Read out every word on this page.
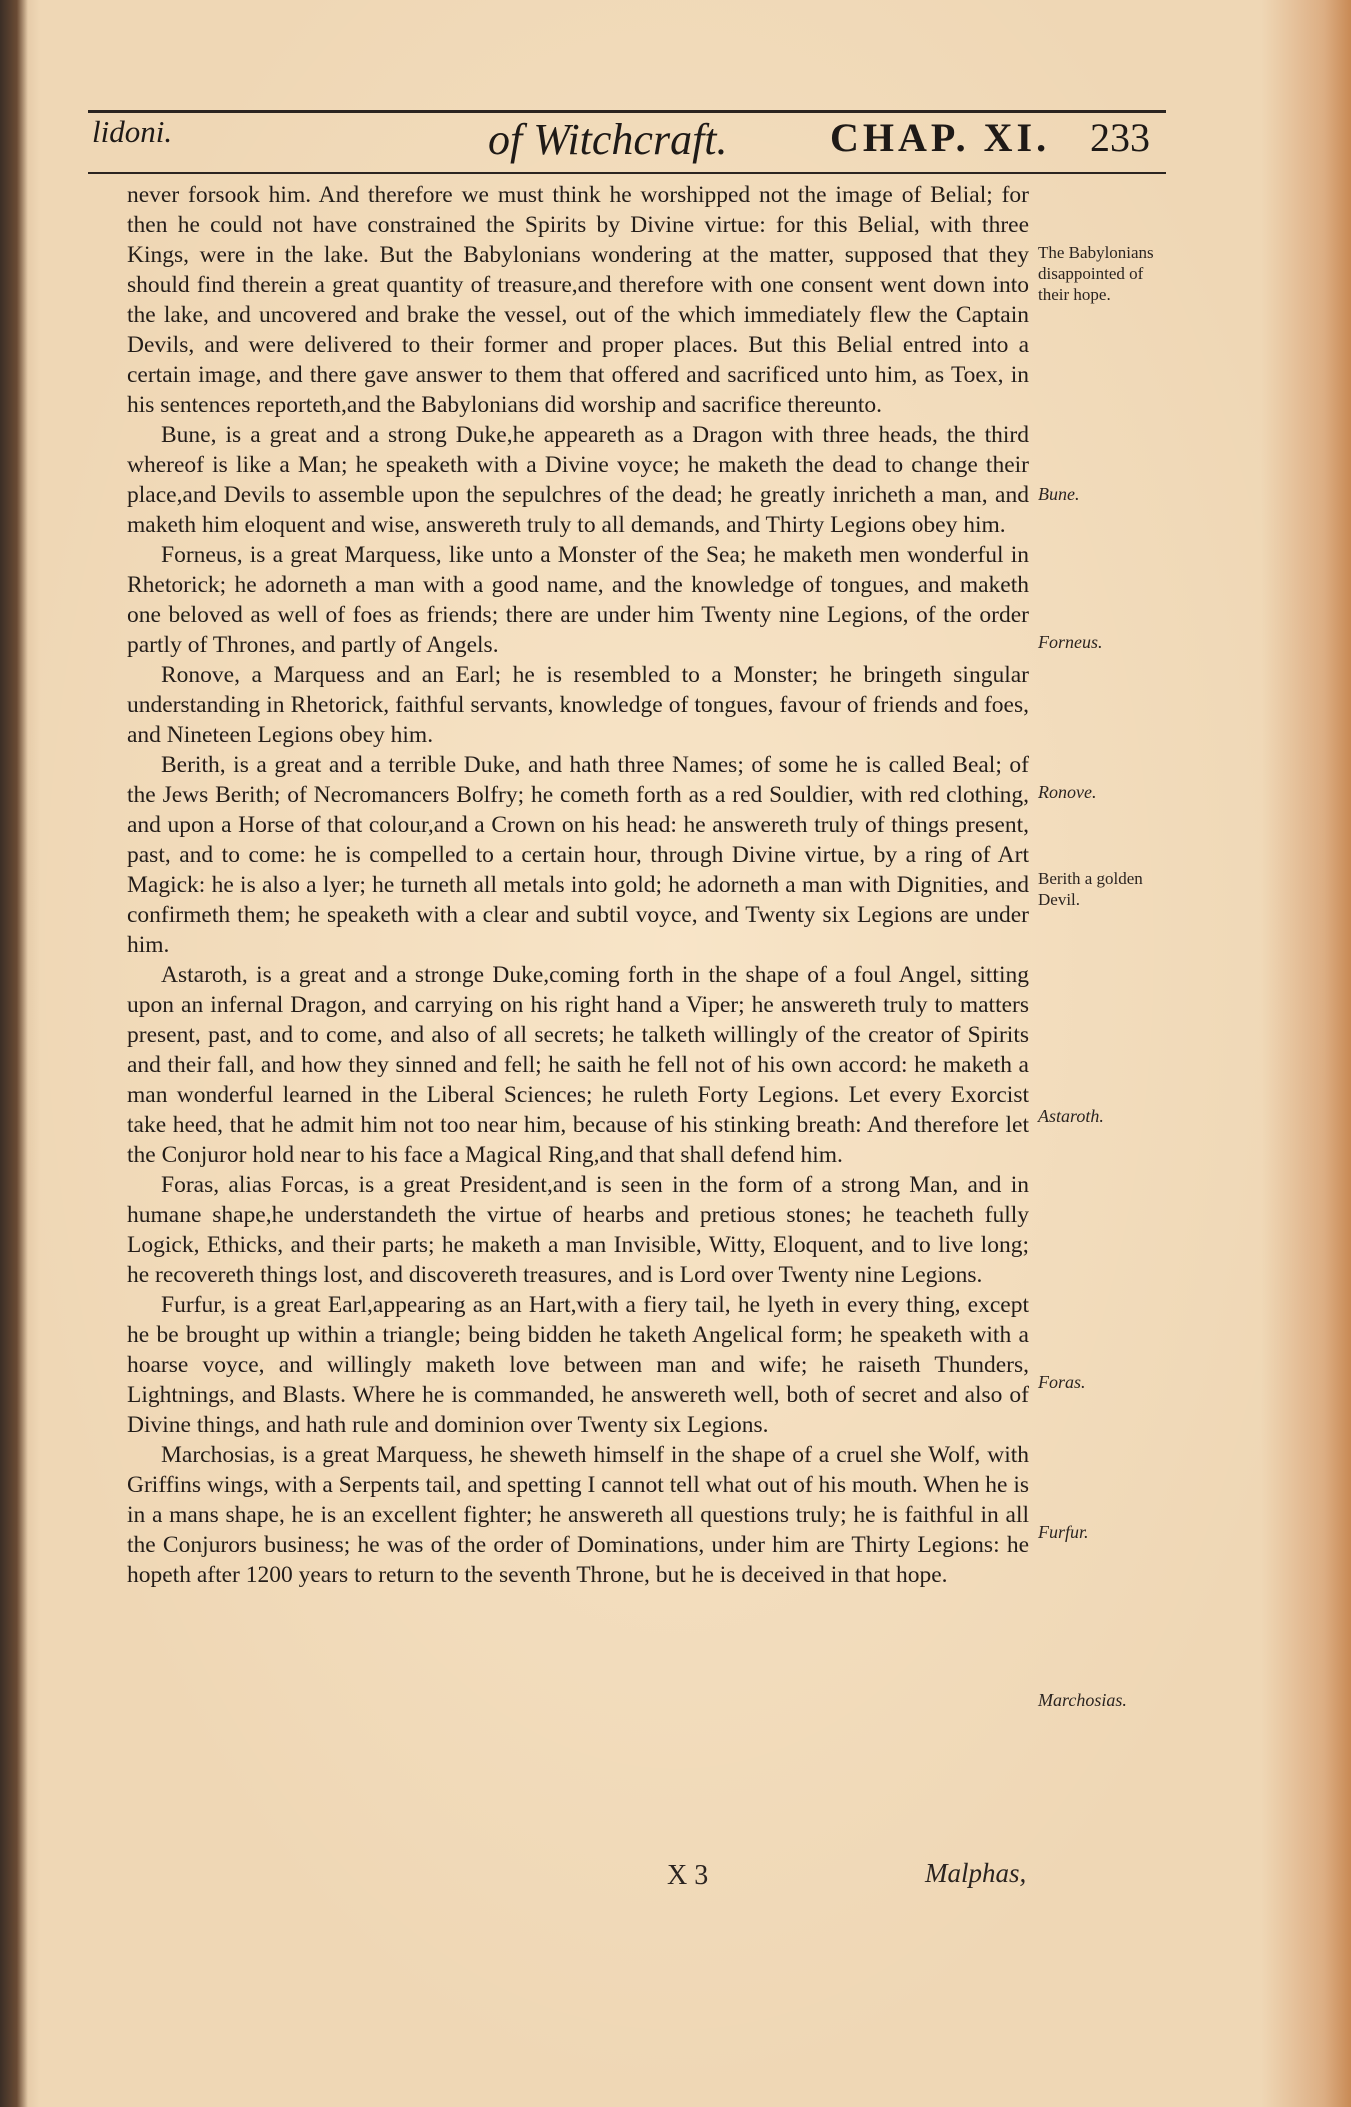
lidoni.	of Witchcraft.	CHAP. XI. 233

never forsook him. And therefore we must think he worshipped not the image of Belial; for then he could not have constrained the Spirits by Divine virtue: for this Belial, with three Kings, were in the lake. But the Babylonians wondering at the matter, supposed that they should find therein a great quantity of treasure,and therefore with one consent went down into the lake, and uncovered and brake the vessel, out of the which immediately flew the Captain Devils, and were delivered to their former and proper places. But this Belial entred into a certain image, and there gave answer to them that offered and sacrificed unto him, as Toex, in his sentences reporteth,and the Babylonians did worship and sacrifice thereunto.

Bune, is a great and a strong Duke,he appeareth as a Dragon with three heads, the third whereof is like a Man; he speaketh with a Divine voyce; he maketh the dead to change their place,and Devils to assemble upon the sepulchres of the dead; he greatly inricheth a man, and maketh him eloquent and wise, answereth truly to all demands, and Thirty Legions obey him.

Forneus, is a great Marquess, like unto a Monster of the Sea; he maketh men wonderful in Rhetorick; he adorneth a man with a good name, and the knowledge of tongues, and maketh one beloved as well of foes as friends; there are under him Twenty nine Legions, of the order partly of Thrones, and partly of Angels.

Ronove, a Marquess and an Earl; he is resembled to a Monster; he bringeth singular understanding in Rhetorick, faithful servants, knowledge of tongues, favour of friends and foes, and Nineteen Legions obey him.

Berith, is a great and a terrible Duke, and hath three Names; of some he is called Beal; of the Jews Berith; of Necromancers Bolfry; he cometh forth as a red Souldier, with red clothing, and upon a Horse of that colour,and a Crown on his head: he answereth truly of things present, past, and to come: he is compelled to a certain hour, through Divine virtue, by a ring of Art Magick: he is also a lyer; he turneth all metals into gold; he adorneth a man with Dignities, and confirmeth them; he speaketh with a clear and subtil voyce, and Twenty six Legions are under him.

Astaroth, is a great and a stronge Duke,coming forth in the shape of a foul Angel, sitting upon an infernal Dragon, and carrying on his right hand a Viper; he answereth truly to matters present, past, and to come, and also of all secrets; he talketh willingly of the creator of Spirits and their fall, and how they sinned and fell; he saith he fell not of his own accord: he maketh a man wonderful learned in the Liberal Sciences; he ruleth Forty Legions. Let every Exorcist take heed, that he admit him not too near him, because of his stinking breath: And therefore let the Conjuror hold near to his face a Magical Ring,and that shall defend him.

Foras, alias Forcas, is a great President,and is seen in the form of a strong Man, and in humane shape,he understandeth the virtue of hearbs and pretious stones; he teacheth fully Logick, Ethicks, and their parts; he maketh a man Invisible, Witty, Eloquent, and to live long; he recovereth things lost, and discovereth treasures, and is Lord over Twenty nine Legions.

Furfur, is a great Earl,appearing as an Hart,with a fiery tail, he lyeth in every thing, except he be brought up within a triangle; being bidden he taketh Angelical form; he speaketh with a hoarse voyce, and willingly maketh love between man and wife; he raiseth Thunders, Lightnings, and Blasts. Where he is commanded, he answereth well, both of secret and also of Divine things, and hath rule and dominion over Twenty six Legions.

Marchosias, is a great Marquess, he sheweth himself in the shape of a cruel she Wolf, with Griffins wings, with a Serpents tail, and spetting I cannot tell what out of his mouth. When he is in a mans shape, he is an excellent fighter; he answereth all questions truly; he is faithful in all the Conjurors business; he was of the order of Dominations, under him are Thirty Legions: he hopeth after 1200 years to return to the seventh Throne, but he is deceived in that hope.

The Babylonians disappointed of their hope.
Bune.
Forneus.
Ronove.
Berith a golden Devil.
Astaroth.
Foras.
Furfur.
Marchosias.
X 3	Malphas,
